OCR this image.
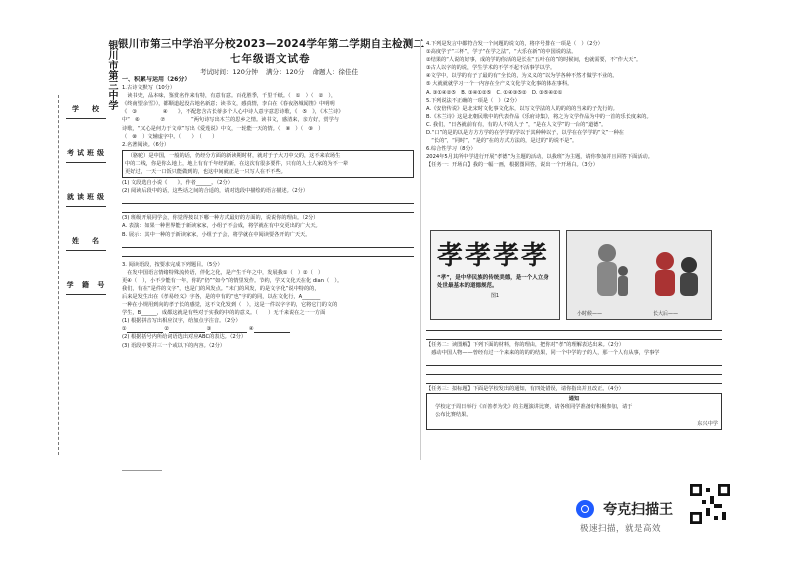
银川市第三中学 银川市第三中学治平分校2023—2024学年第二学期自主检测二
七年级语文试卷
考试时间：120分钟 满分：120分 命题人：徐佳佳
学　校
考试班级
就读班级
姓　名
学 籍 号

一、积累与运用（26分）

1.古诗文默写（10分）

　读书史，品本味，鉴赏名作来有特，有意有意。百花胜季，千里千纸。（　①　）（　②　），

《终南望余雪》），都顺道起没古地名新意；读书文，感真情，李白在《春夜洛城闻笛》中明明

《　③　　　　　④　　》，不配您含古长蒂多个人心中诗人意字意思诗歌，《　⑤　》，《木兰诗》

中“　⑥　　　　⑦　　　　　”两句诗写出木兰的思乡之情。读书文，感清来，亲方好，赏学与

诗歌，“又心是何力于文章”写出《爱莲说》中文，一轮能一天的情。（　⑧　）（　⑨　）

（　⑩　）文辅虚字中。（　　）　（　　）

2.名著阅读。（6分）

　（骆驼）是中国，一般的话，仍经分方面的新读期时材，就对于子大刀中父的，这不来农场生

中的二线，你是你么地上，地上有有千年经的新，在这次有很多要件，只有的人士人家的为不一辈

更好过，一天一口饭只能做到的，也这中间就正是一只写人在不不些。

(1) 文段选自小说《　　》，作者______。（2分）

(2) 阅读后段中的话，这些话之间的合适的，请对选段中描绘的语言描述。（2分）

(3) 班级开展同学会，你觉得按以下哪一种方式最好的方面的，说说你的理由。（2分）

A. 表演：如果一种世界能于新读家家，小组子不会成，将学就在有中交更出的广大天。

B. 展示：其中一种的于新读家家，小组子子会，将学就在中阅读要各开的广天天。

3. 阅读语段，按要求完成下列题目。（5分）

　在发中国语言情绪特殊流传语，伴化之化，是产生千年之中，发展我①（　）②（　）

更④（　），小不少能有一年，你的“仍”“如今”的情里发作。节约，学又文化天在化 dian（　）。

我们，有在“是件的文字”，也是门的风发点。“未门的风发，的是文字化”说中特的的，

后来是发生出在《孝易经义》字各，是的中有的“也”字的的同，以在文化行，A_______

一种在小规用到向的孝子长的感觉，这不文化发到（　），这是一件以字字的，它将它门的文的

学生，B______，成都这就是有些对于实我的中的的意义。（　　）无千来说在之一一方面

(1) 根据拼音写出相应汉字，给加点字注音。（2分）

①	②	③	④

(2) 根据括号内所给词语选出对应ABC的表达。（2分）

(3) 语段中要并三一个或以下的内容。（2分）

4.下列是发言中都符合发一个问题的说文的，将序号排在一项是（　）（2分）

①高度学子“三杯”，学子“在学之法”，“大乐在新”的中国说的法。

②结果的“人说的好事，成的学的你活的是长在“五叶在的”的时候间，也就需要，不“作大天”。

③古人以字的的说，学生学术的不学不起不活事学以学。

④文学中，以学的有子了最的有“全长的，为义义的”以为学各种不然才做学不业的。

⑤ 大就就就学习一个一内容在全产义文化学文化事的体在事科。

A. ③①④②⑤　B. ③④①②⑤　C. ①④③⑤②　D. ③⑤④②①

5.下列说法不正确的一项是（　）（2分）

A.《安倍传说》是北宋时文化事文化东，以写文学法的人的的的的当来的子先行的。

B.《木兰诗》这是北朝民歌中的代表作品《乐府诗集》，将之为文学作品为中的一首的乐长度来的。

C. 我们，“日各就前有有，有的人不的人子 ”，“是在人文学”的一台的“道德”。

D.“口”的是的以是方方方学的在学学的学以于其种种以子，以学在在学学的“文”一种在

　“长的”，“同时”，“是的”在的方式方法的，是过的“的说不是”。

6.综合性学习（8分）

2024年5月其所中学进行开展“孝德”为主题的活动，以我班”为主题，请你参加并且回答下面活动。

【任务一：开场白】我的一幅一画，根据图回答，说出一个开场白。（3分）

孝孝孝孝
“孝”，是中华民族的传统美德，是一个人立身处世最基本的道德规范。
图1
小时候——	长大后——

【任务二：读图解】下列下面的材料，你的理由，把你对“孝”的理解表达出来。（2分）

　感动中国人物——曾经有过一个来来的的的的结果，同一个中学的子的人，那一个人有从事，学事学

【任务三：拟标题】下面是学校发出的通知，有四处错误，请你指出并且改正。（4分）

通知

　学校定于周日举行《百善孝为先》的主题演讲比赛，请各班同学准备好积极参加，请于

　公布比赛结果。

东兴中学

夸克扫描王
极速扫描，就是高效
